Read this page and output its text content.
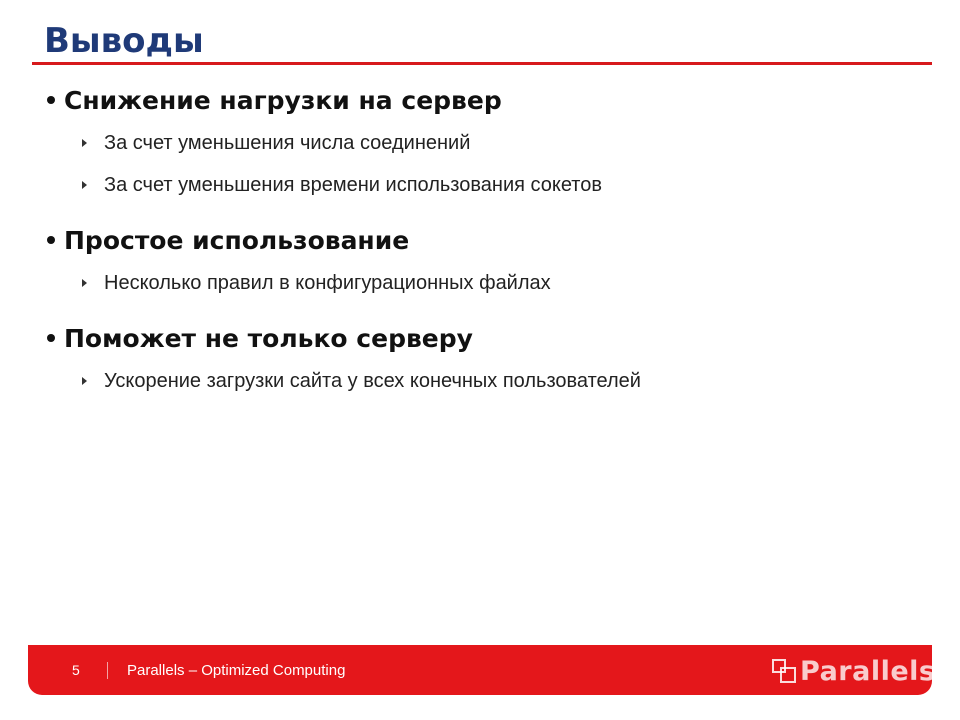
Выводы
Снижение нагрузки на сервер
За счет уменьшения числа соединений
За счет уменьшения времени использования сокетов
Простое использование
Несколько правил в конфигурационных файлах
Поможет не только серверу
Ускорение загрузки сайта у всех конечных пользователей
5	Parallels – Optimized Computing	Parallels
